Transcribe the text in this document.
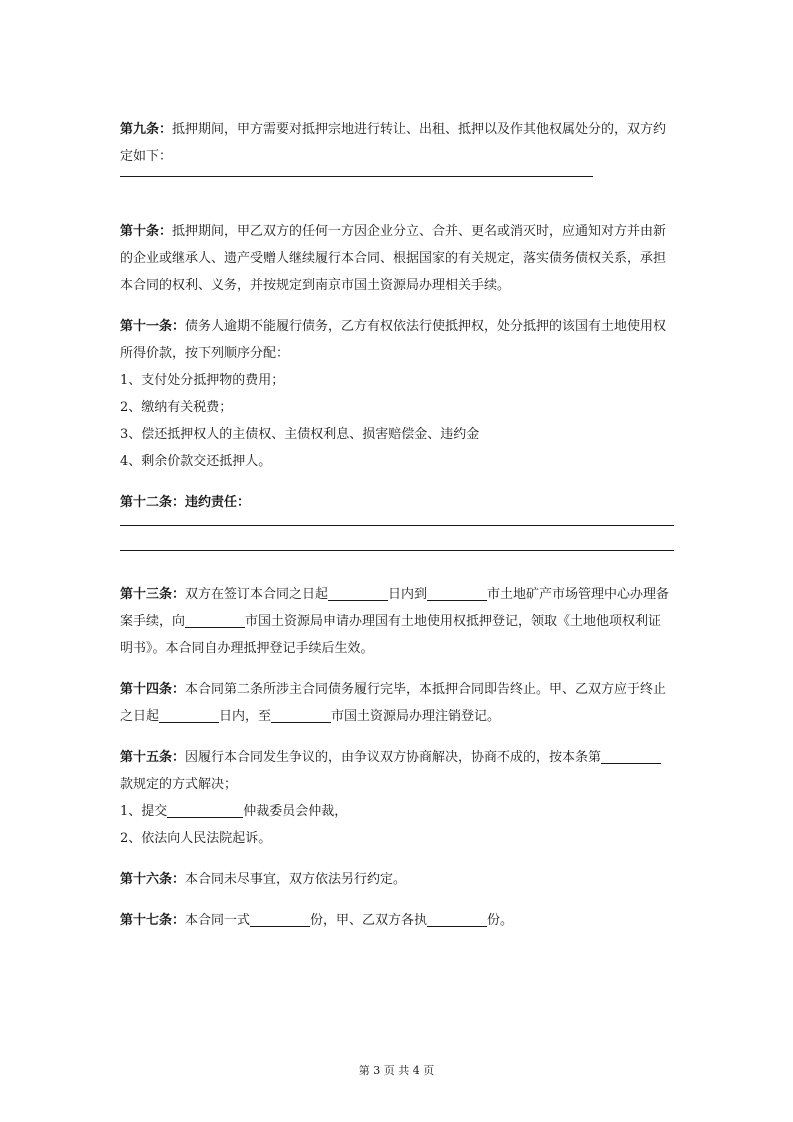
第九条：抵押期间，甲方需要对抵押宗地进行转让、出租、抵押以及作其他权属处分的，双方约定如下：

第十条：抵押期间，甲乙双方的任何一方因企业分立、合并、更名或消灭时，应通知对方并由新的企业或继承人、遗产受赠人继续履行本合同、根据国家的有关规定，落实债务债权关系，承担本合同的权利、义务，并按规定到南京市国土资源局办理相关手续。

第十一条：债务人逾期不能履行债务，乙方有权依法行使抵押权，处分抵押的该国有土地使用权所得价款，按下列顺序分配：

1、支付处分抵押物的费用；

2、缴纳有关税费；

3、偿还抵押权人的主债权、主债权利息、损害赔偿金、违约金

4、剩余价款交还抵押人。

第十二条：违约责任：

第十三条：双方在签订本合同之日起	日内到	市土地矿产市场管理中心办理备案手续，向	市国土资源局申请办理国有土地使用权抵押登记，领取《土地他项权利证明书》。本合同自办理抵押登记手续后生效。

第十四条：本合同第二条所涉主合同债务履行完毕，本抵押合同即告终止。甲、乙双方应于终止之日起	日内，至	市国土资源局办理注销登记。

第十五条：因履行本合同发生争议的，由争议双方协商解决，协商不成的，按本条第款规定的方式解决；

1、提交	仲裁委员会仲裁，

2、依法向人民法院起诉。

第十六条：本合同未尽事宜，双方依法另行约定。

第十七条：本合同一式	份，甲、乙双方各执	份。

第 3 页 共 4 页
